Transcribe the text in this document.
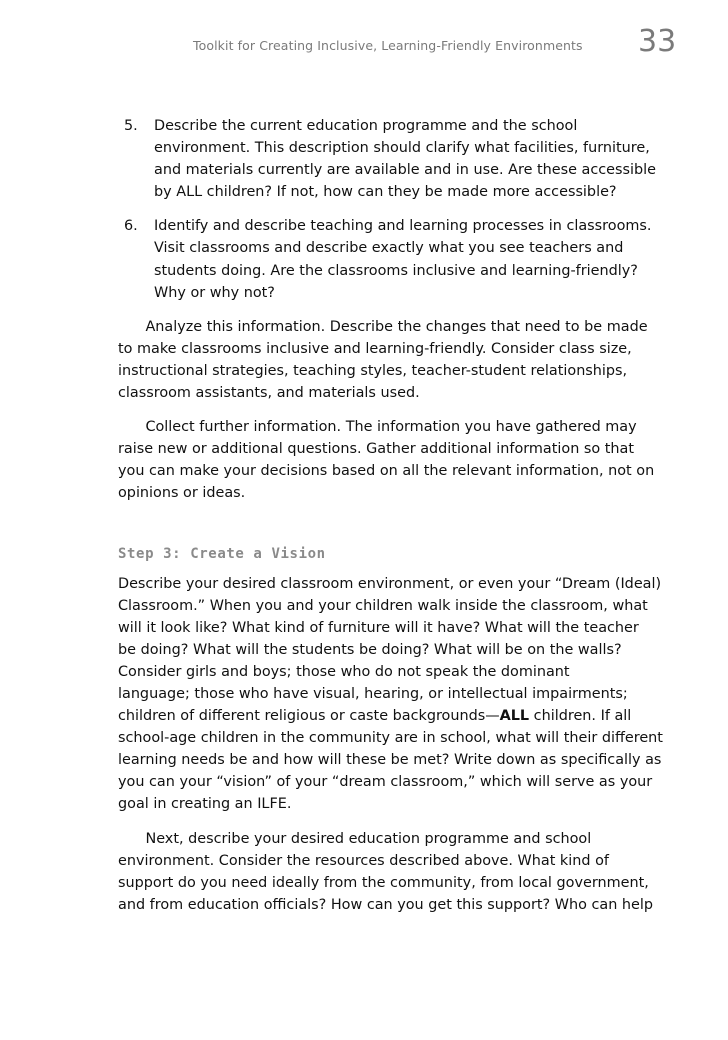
Toolkit for Creating Inclusive, Learning-Friendly Environments 33
5. Describe the current education programme and the school
environment. This description should clarify what facilities, furniture,
and materials currently are available and in use. Are these accessible
by ALL children? If not, how can they be made more accessible?
6. Identify and describe teaching and learning processes in classrooms.
Visit classrooms and describe exactly what you see teachers and
students doing. Are the classrooms inclusive and learning-friendly?
Why or why not?
Analyze this information. Describe the changes that need to be made
to make classrooms inclusive and learning-friendly. Consider class size,
instructional strategies, teaching styles, teacher-student relationships,
classroom assistants, and materials used.
Collect further information. The information you have gathered may
raise new or additional questions. Gather additional information so that
you can make your decisions based on all the relevant information, not on
opinions or ideas.
Step 3: Create a Vision
Describe your desired classroom environment, or even your “Dream (Ideal)
Classroom.” When you and your children walk inside the classroom, what
will it look like? What kind of furniture will it have? What will the teacher
be doing? What will the students be doing? What will be on the walls?
Consider girls and boys; those who do not speak the dominant
language; those who have visual, hearing, or intellectual impairments;
children of different religious or caste backgrounds—ALL children. If all
school-age children in the community are in school, what will their different
learning needs be and how will these be met? Write down as specifically as
you can your “vision” of your “dream classroom,” which will serve as your
goal in creating an ILFE.
Next, describe your desired education programme and school
environment. Consider the resources described above. What kind of
support do you need ideally from the community, from local government,
and from education officials? How can you get this support? Who can help
